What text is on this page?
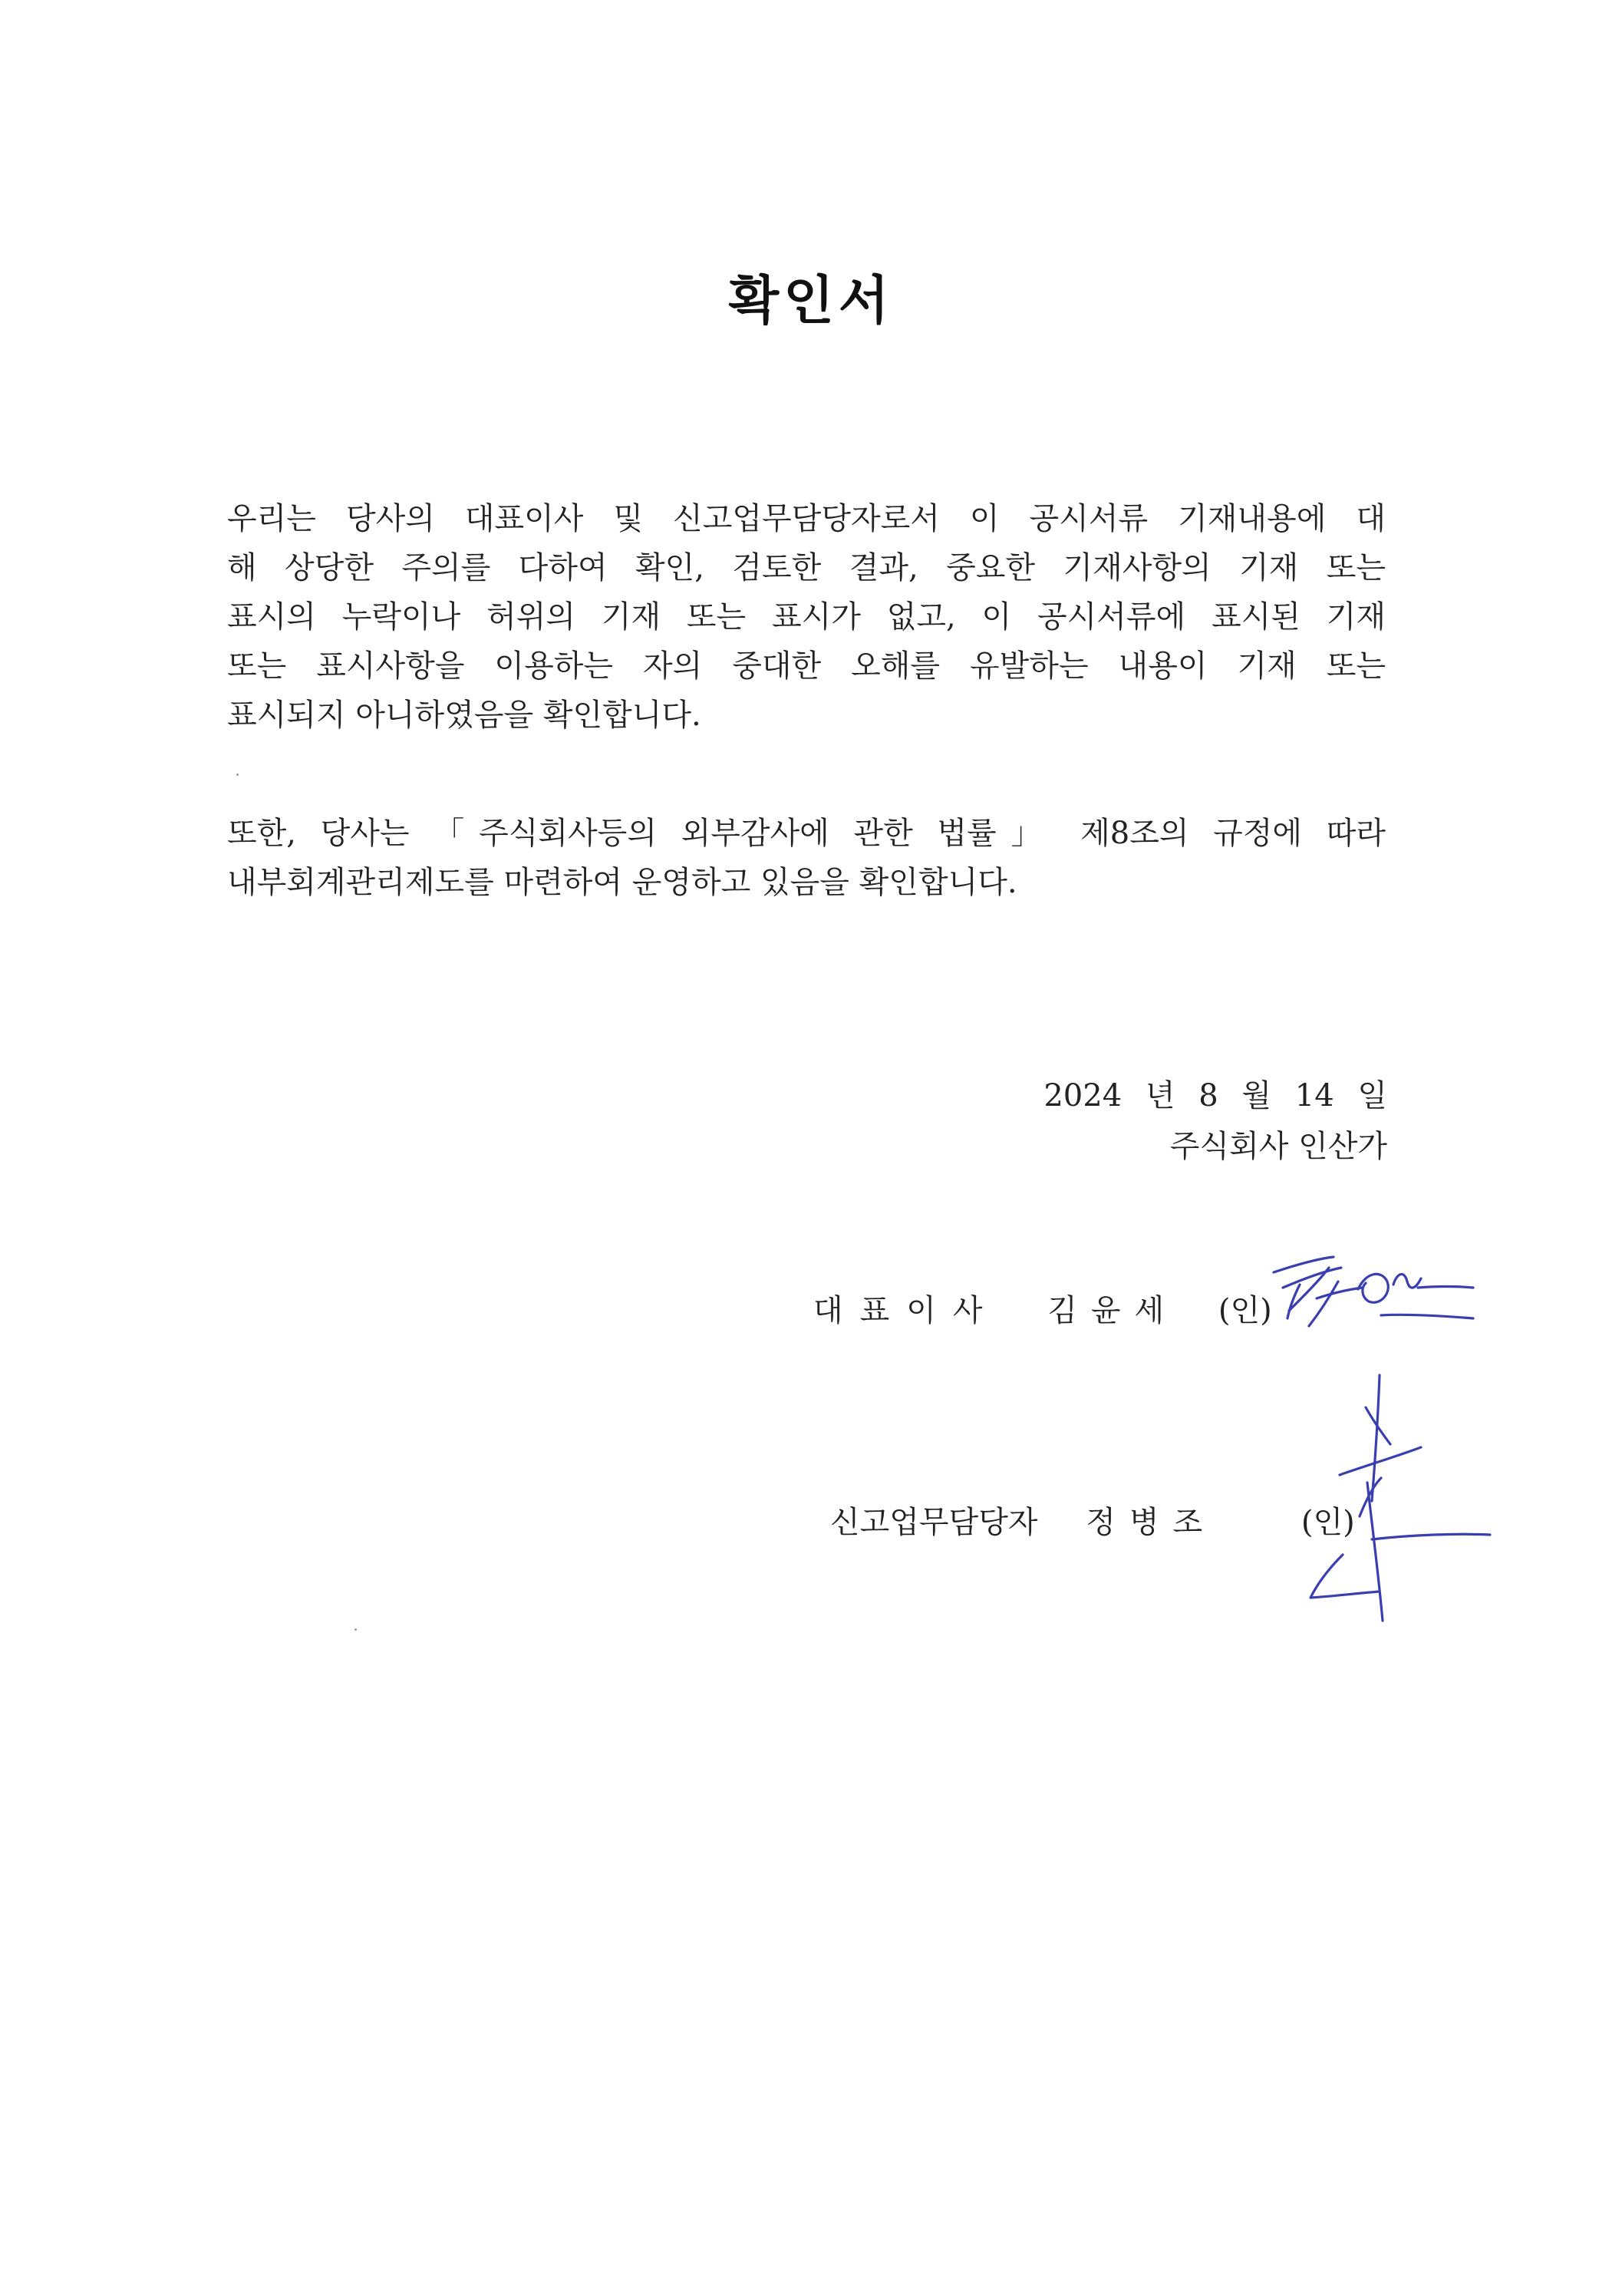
확인서
우리는 당사의 대표이사 및 신고업무담당자로서 이 공시서류 기재내용에 대
해 상당한 주의를 다하여 확인, 검토한 결과, 중요한 기재사항의 기재 또는
표시의 누락이나 허위의 기재 또는 표시가 없고, 이 공시서류에 표시된 기재
또는 표시사항을 이용하는 자의 중대한 오해를 유발하는 내용이 기재 또는
표시되지 아니하였음을 확인합니다.
또한, 당사는 「주식회사등의 외부감사에 관한 법률」 제8조의 규정에 따라
내부회계관리제도를 마련하여 운영하고 있음을 확인합니다.
2024 년 8 월 14 일
주식회사 인산가
대표이사 김윤세 (인)
신고업무담당자 정병조	(인)
